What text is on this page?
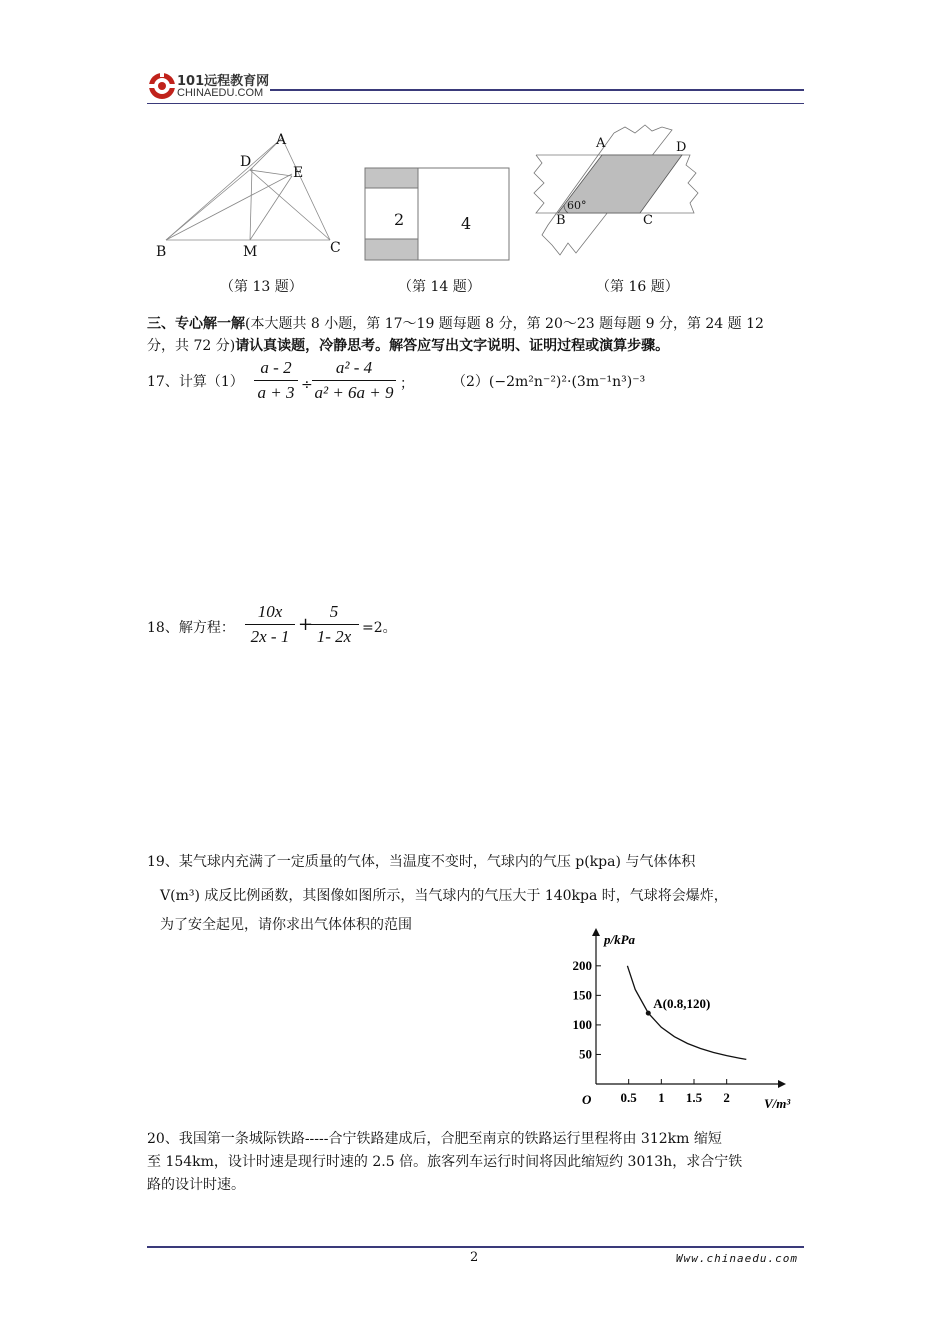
101远程教育网
CHINAEDU.COM
A
D
E
B	M	C
（第 13 题）
2	4
（第 14 题）
A	D
B	C
60°
（第 16 题）
三、专心解一解(本大题共 8 小题，第 17～19 题每题 8 分，第 20～23 题每题 9 分，第 24 题 12
分，共 72 分)请认真读题，冷静思考。解答应写出文字说明、证明过程或演算步骤。
17、计算（1）
a - 2
a + 3 ÷
a² - 4
a² + 6a + 9 ；	（2）(−2m²n⁻²)²·(3m⁻¹n³)⁻³
18、解方程：
10x
2x - 1
+
5
1- 2x =2。
19、某气球内充满了一定质量的气体，当温度不变时，气球内的气压 p(kpa) 与气体体积
V(m³) 成反比例函数，其图像如图所示，当气球内的气压大于 140kpa 时，气球将会爆炸，
为了安全起见，请你求出气体体积的范围
0.5 1 1.5 2
50
100
150
200
O
p/kPa
V/m³
A(0.8,120)
20、我国第一条城际铁路-----合宁铁路建成后，合肥至南京的铁路运行里程将由 312km 缩短
至 154km，设计时速是现行时速的 2.5 倍。旅客列车运行时间将因此缩短约 3013h，求合宁铁
路的设计时速。
2	Www.chinaedu.com
